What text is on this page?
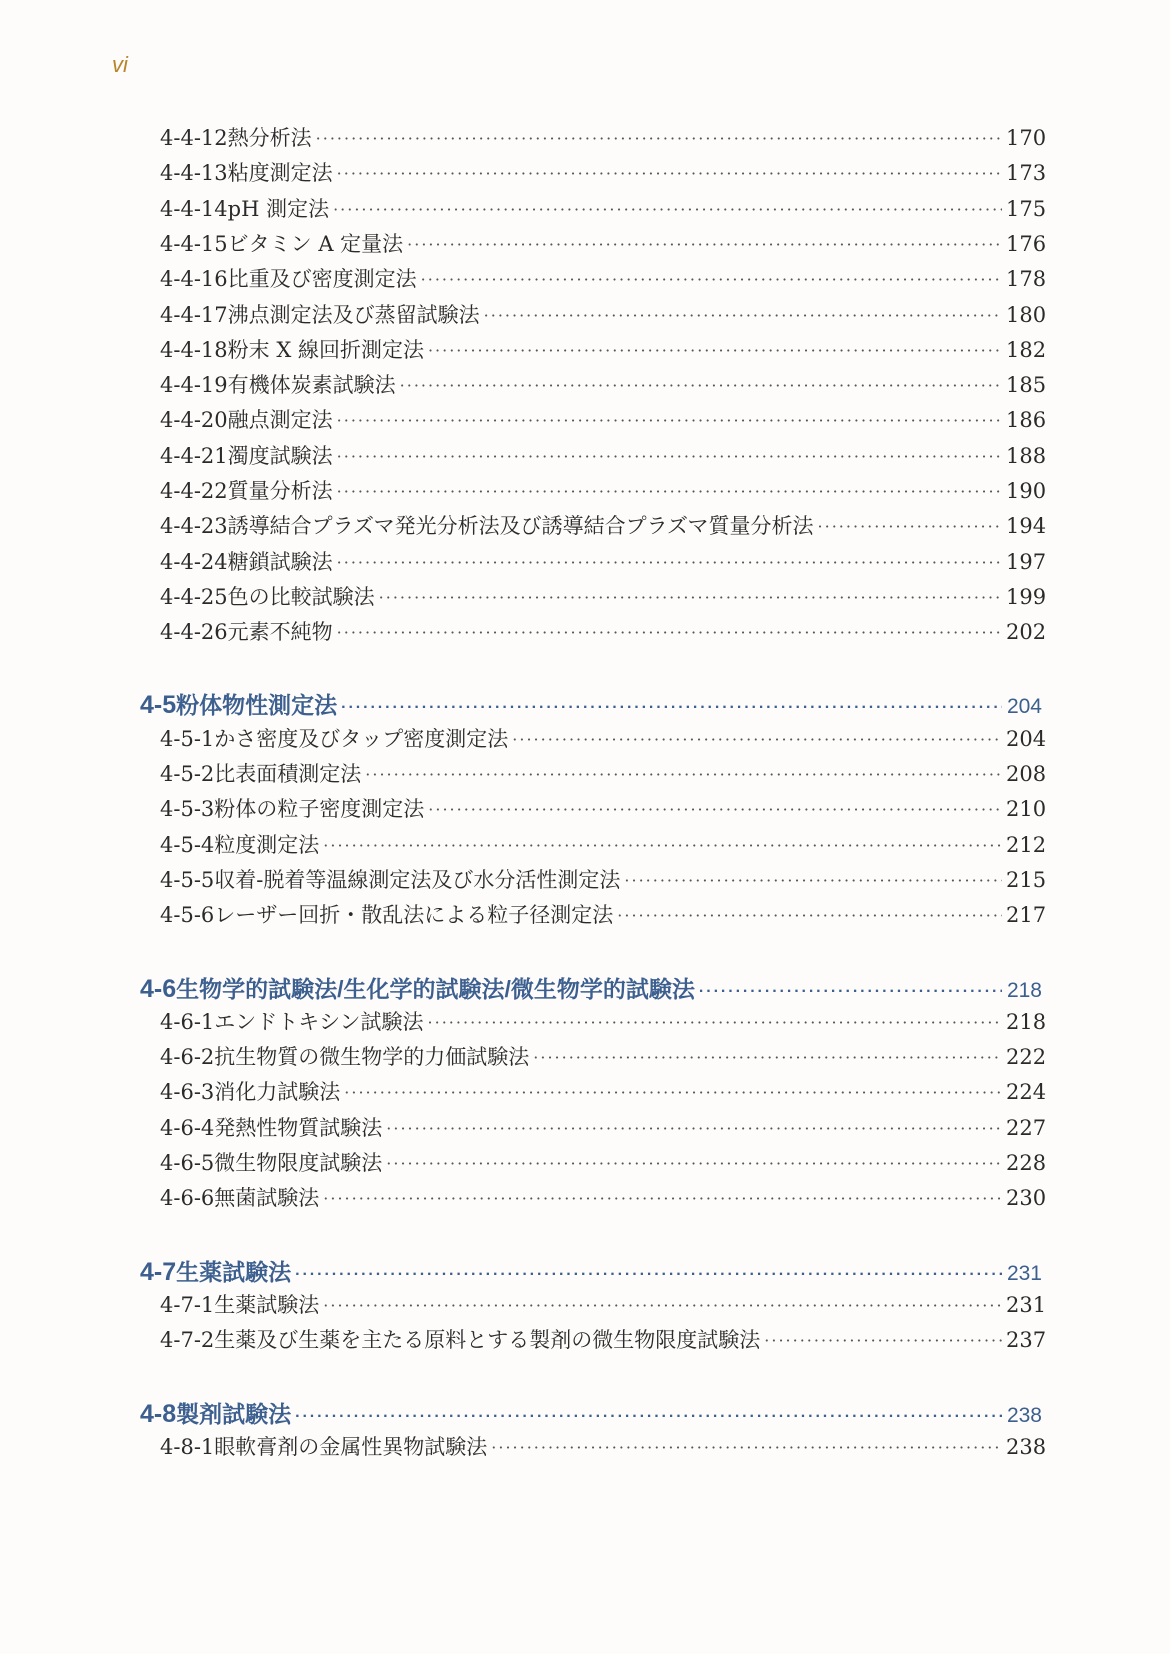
vi
4-4-12 熱分析法 ·····	170
4-4-13 粘度測定法 ·····	173
4-4-14 pH 測定法 ·····	175
4-4-15 ビタミン A 定量法 ·····	176
4-4-16 比重及び密度測定法 ·····	178
4-4-17 沸点測定法及び蒸留試験法 ·····	180
4-4-18 粉末 X 線回折測定法 ·····	182
4-4-19 有機体炭素試験法 ·····	185
4-4-20 融点測定法 ·····	186
4-4-21 濁度試験法 ·····	188
4-4-22 質量分析法 ·····	190
4-4-23 誘導結合プラズマ発光分析法及び誘導結合プラズマ質量分析法 ·····	194
4-4-24 糖鎖試験法 ·····	197
4-4-25 色の比較試験法 ·····	199
4-4-26 元素不純物 ·····	202
4-5 粉体物性測定法 ·····	204
4-5-1 かさ密度及びタップ密度測定法 ·····	204
4-5-2 比表面積測定法 ·····	208
4-5-3 粉体の粒子密度測定法 ·····	210
4-5-4 粒度測定法 ·····	212
4-5-5 収着-脱着等温線測定法及び水分活性測定法 ·····	215
4-5-6 レーザー回折・散乱法による粒子径測定法 ·····	217
4-6 生物学的試験法/生化学的試験法/微生物学的試験法 ·····	218
4-6-1 エンドトキシン試験法 ·····	218
4-6-2 抗生物質の微生物学的力価試験法 ·····	222
4-6-3 消化力試験法 ·····	224
4-6-4 発熱性物質試験法 ·····	227
4-6-5 微生物限度試験法 ·····	228
4-6-6 無菌試験法 ·····	230
4-7 生薬試験法 ·····	231
4-7-1 生薬試験法 ·····	231
4-7-2 生薬及び生薬を主たる原料とする製剤の微生物限度試験法 ·····	237
4-8 製剤試験法 ·····	238
4-8-1 眼軟膏剤の金属性異物試験法 ·····	238
